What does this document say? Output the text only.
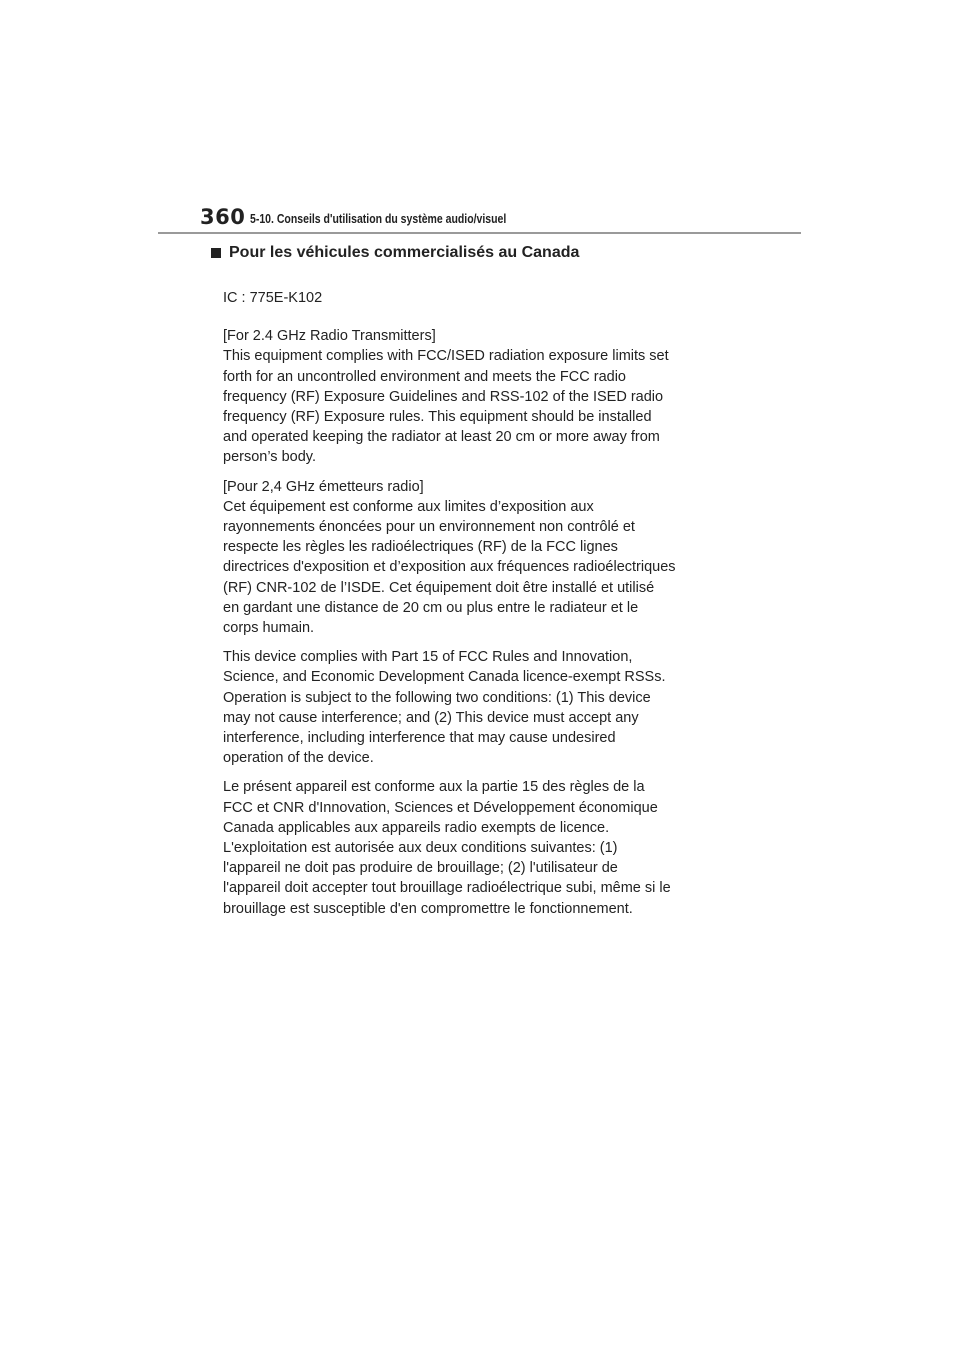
360 5-10. Conseils d'utilisation du système audio/visuel
Pour les véhicules commercialisés au Canada
IC : 775E-K102
[For 2.4 GHz Radio Transmitters]
This equipment complies with FCC/ISED radiation exposure limits set
forth for an uncontrolled environment and meets the FCC radio
frequency (RF) Exposure Guidelines and RSS-102 of the ISED radio
frequency (RF) Exposure rules. This equipment should be installed
and operated keeping the radiator at least 20 cm or more away from
person’s body.
[Pour 2,4 GHz émetteurs radio]
Cet équipement est conforme aux limites d’exposition aux
rayonnements énoncées pour un environnement non contrôlé et
respecte les règles les radioélectriques (RF) de la FCC lignes
directrices d'exposition et d’exposition aux fréquences radioélectriques
(RF) CNR-102 de l’ISDE. Cet équipement doit être installé et utilisé
en gardant une distance de 20 cm ou plus entre le radiateur et le
corps humain.
This device complies with Part 15 of FCC Rules and Innovation,
Science, and Economic Development Canada licence-exempt RSSs.
Operation is subject to the following two conditions: (1) This device
may not cause interference; and (2) This device must accept any
interference, including interference that may cause undesired
operation of the device.
Le présent appareil est conforme aux la partie 15 des règles de la
FCC et CNR d'Innovation, Sciences et Développement économique
Canada applicables aux appareils radio exempts de licence.
L'exploitation est autorisée aux deux conditions suivantes: (1)
l'appareil ne doit pas produire de brouillage; (2) l'utilisateur de
l'appareil doit accepter tout brouillage radioélectrique subi, même si le
brouillage est susceptible d'en compromettre le fonctionnement.
